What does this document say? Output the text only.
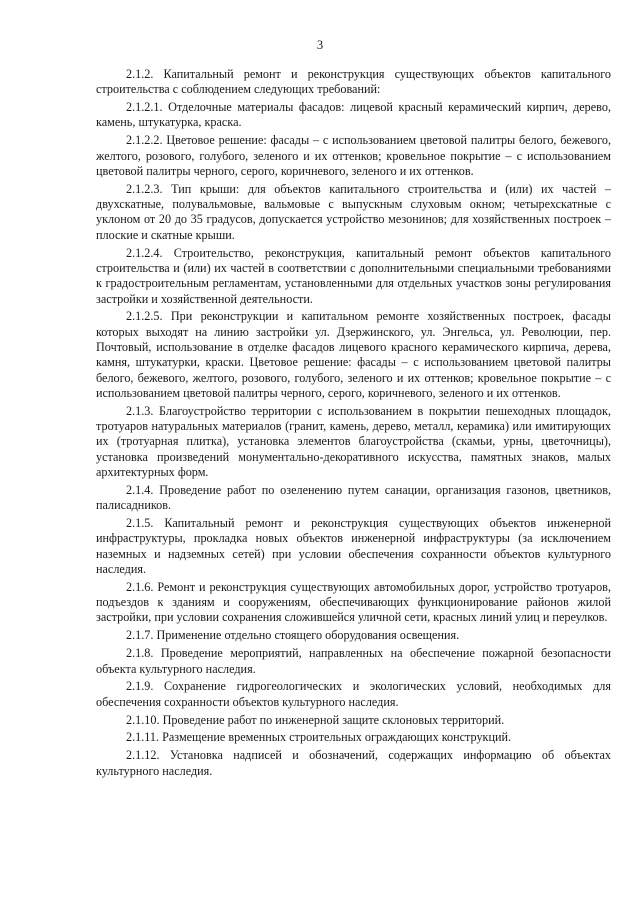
3

2.1.2. Капитальный ремонт и реконструкция существующих объектов капитального строительства с соблюдением следующих требований:

2.1.2.1. Отделочные материалы фасадов: лицевой красный керамический кирпич, дерево, камень, штукатурка, краска.

2.1.2.2. Цветовое решение: фасады – с использованием цветовой палитры белого, бежевого, желтого, розового, голубого, зеленого и их оттенков; кровельное покрытие – с использованием цветовой палитры черного, серого, коричневого, зеленого и их оттенков.

2.1.2.3. Тип крыши: для объектов капитального строительства и (или) их частей – двухскатные, полувальмовые, вальмовые с выпускным слуховым окном; четырехскатные с уклоном от 20 до 35 градусов, допускается устройство мезонинов; для хозяйственных построек – плоские и скатные крыши.

2.1.2.4. Строительство, реконструкция, капитальный ремонт объектов капитального строительства и (или) их частей в соответствии с дополнительными специальными требованиями к градостроительным регламентам, установленными для отдельных участков зоны регулирования застройки и хозяйственной деятельности.

2.1.2.5. При реконструкции и капитальном ремонте хозяйственных построек, фасады которых выходят на линию застройки ул. Дзержинского, ул. Энгельса, ул. Революции, пер. Почтовый, использование в отделке фасадов лицевого красного керамического кирпича, дерева, камня, штукатурки, краски. Цветовое решение: фасады – с использованием цветовой палитры белого, бежевого, желтого, розового, голубого, зеленого и их оттенков; кровельное покрытие – с использованием цветовой палитры черного, серого, коричневого, зеленого и их оттенков.

2.1.3. Благоустройство территории с использованием в покрытии пешеходных площадок, тротуаров натуральных материалов (гранит, камень, дерево, металл, керамика) или имитирующих их (тротуарная плитка), установка элементов благоустройства (скамьи, урны, цветочницы), установка произведений монументально-декоративного искусства, памятных знаков, малых архитектурных форм.

2.1.4. Проведение работ по озеленению путем санации, организация газонов, цветников, палисадников.

2.1.5. Капитальный ремонт и реконструкция существующих объектов инженерной инфраструктуры, прокладка новых объектов инженерной инфраструктуры (за исключением наземных и надземных сетей) при условии обеспечения сохранности объектов культурного наследия.

2.1.6. Ремонт и реконструкция существующих автомобильных дорог, устройство тротуаров, подъездов к зданиям и сооружениям, обеспечивающих функционирование районов жилой застройки, при условии сохранения сложившейся уличной сети, красных линий улиц и переулков.

2.1.7. Применение отдельно стоящего оборудования освещения.

2.1.8. Проведение мероприятий, направленных на обеспечение пожарной безопасности объекта культурного наследия.

2.1.9. Сохранение гидрогеологических и экологических условий, необходимых для обеспечения сохранности объектов культурного наследия.

2.1.10. Проведение работ по инженерной защите склоновых территорий.

2.1.11. Размещение временных строительных ограждающих конструкций.

2.1.12. Установка надписей и обозначений, содержащих информацию об объектах культурного наследия.
